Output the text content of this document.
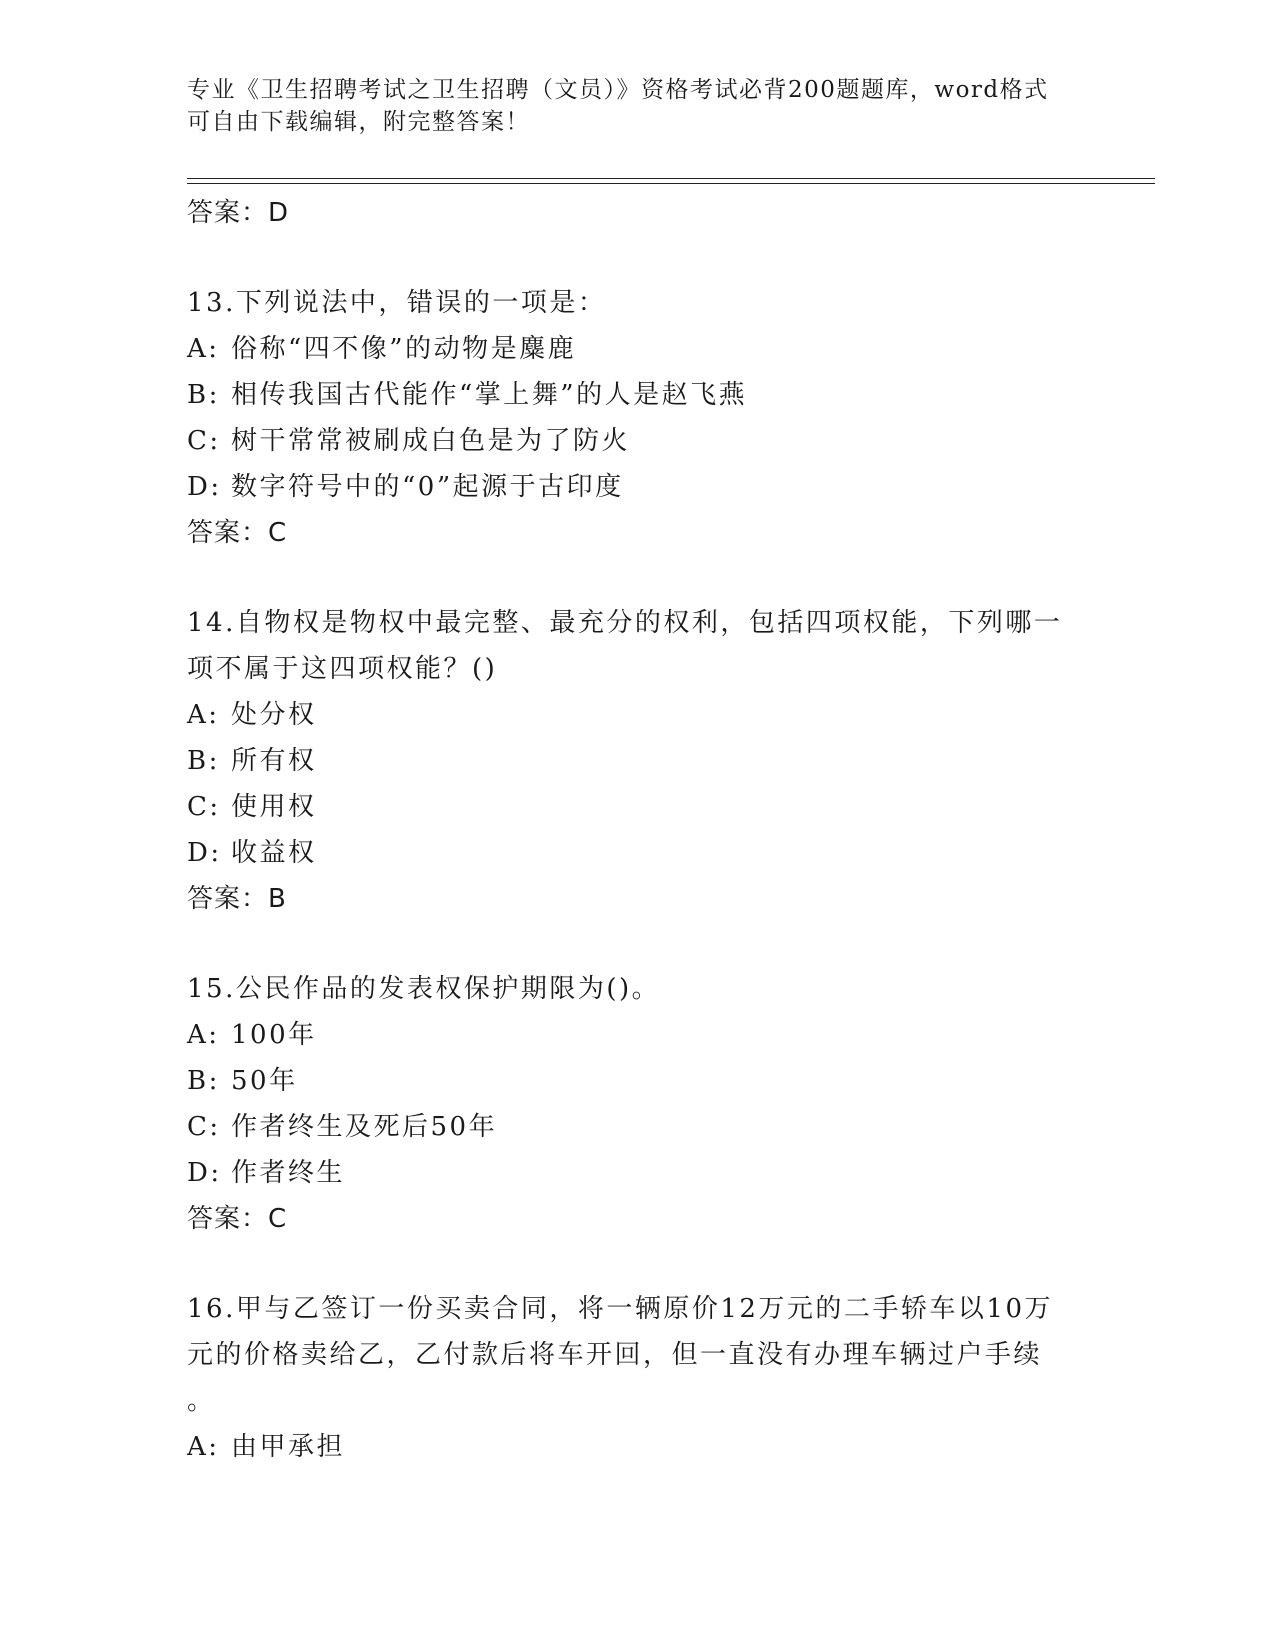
专业《卫生招聘考试之卫生招聘（文员）》资格考试必背200题题库，word格式
可自由下载编辑，附完整答案！
答案：D
13.下列说法中，错误的一项是：
A: 俗称“四不像”的动物是麋鹿
B: 相传我国古代能作“掌上舞”的人是赵飞燕
C: 树干常常被刷成白色是为了防火
D: 数字符号中的“0”起源于古印度
答案：C
14.自物权是物权中最完整、最充分的权利，包括四项权能，下列哪一
项不属于这四项权能？()
A: 处分权
B: 所有权
C: 使用权
D: 收益权
答案：B
15.公民作品的发表权保护期限为()。
A: 100年
B: 50年
C: 作者终生及死后50年
D: 作者终生
答案：C
16.甲与乙签订一份买卖合同，将一辆原价12万元的二手轿车以10万
元的价格卖给乙，乙付款后将车开回，但一直没有办理车辆过户手续
。
A: 由甲承担
